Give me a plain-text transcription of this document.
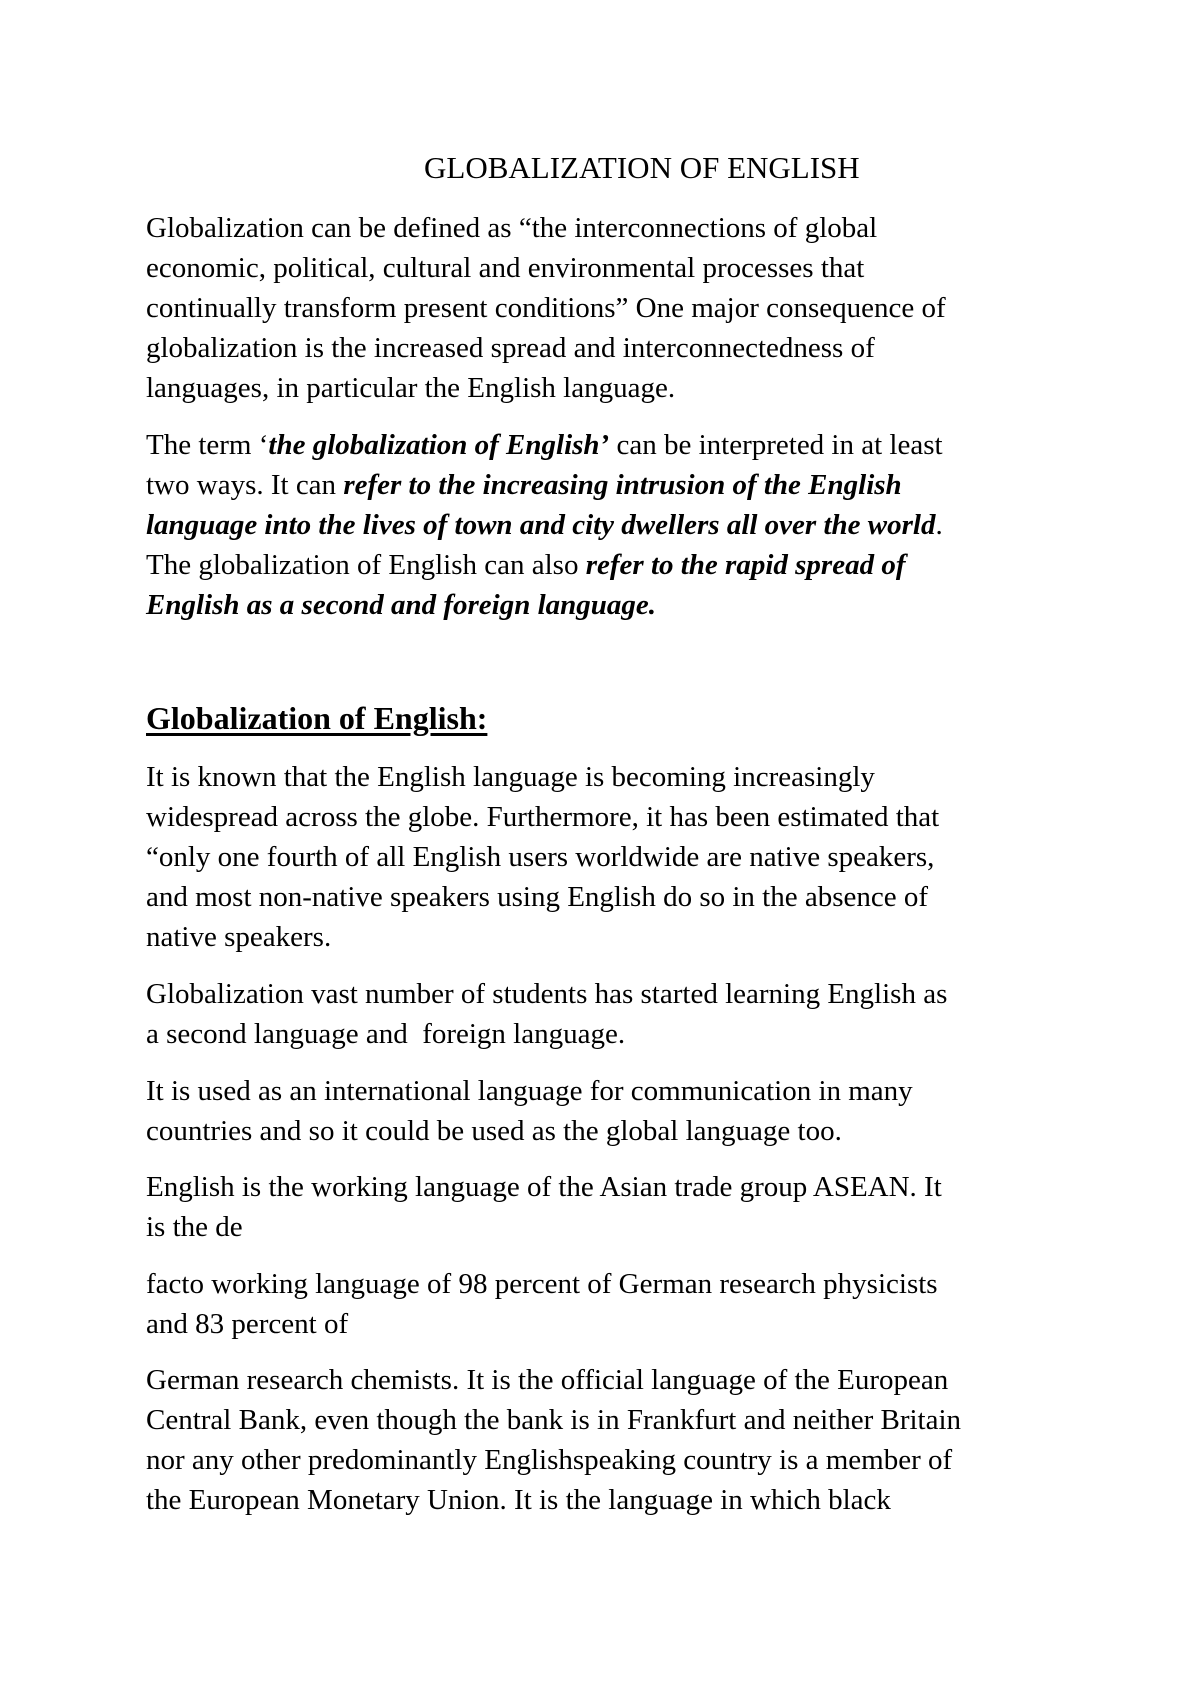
GLOBALIZATION OF ENGLISH
Globalization can be defined as “the interconnections of global
economic, political, cultural and environmental processes that
continually transform present conditions” One major consequence of
globalization is the increased spread and interconnectedness of
languages, in particular the English language.
The term ‘the globalization of English’ can be interpreted in at least
two ways. It can refer to the increasing intrusion of the English
language into the lives of town and city dwellers all over the world.
The globalization of English can also refer to the rapid spread of
English as a second and foreign language.
Globalization of English:
It is known that the English language is becoming increasingly
widespread across the globe. Furthermore, it has been estimated that
“only one fourth of all English users worldwide are native speakers,
and most non-native speakers using English do so in the absence of
native speakers.
Globalization vast number of students has started learning English as
a second language and  foreign language.
It is used as an international language for communication in many
countries and so it could be used as the global language too.
English is the working language of the Asian trade group ASEAN. It
is the de
facto working language of 98 percent of German research physicists
and 83 percent of
German research chemists. It is the official language of the European
Central Bank, even though the bank is in Frankfurt and neither Britain
nor any other predominantly Englishspeaking country is a member of
the European Monetary Union. It is the language in which black
